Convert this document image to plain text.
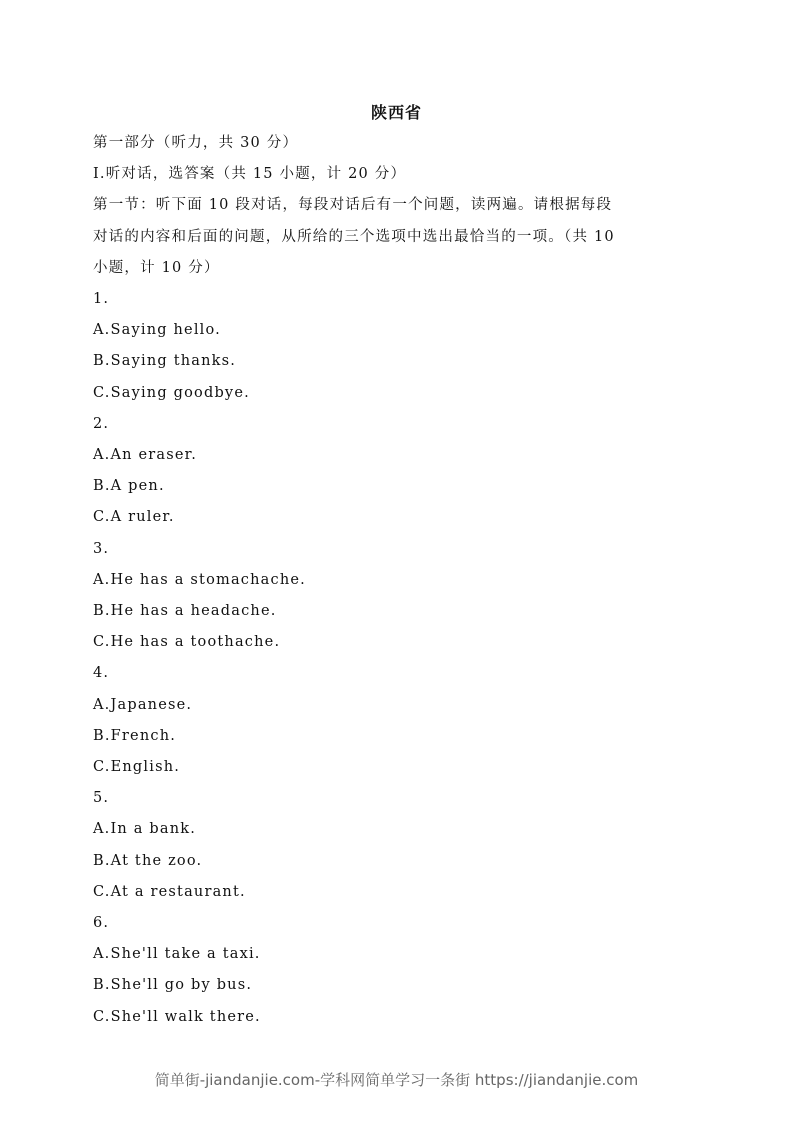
陕西省
第一部分（听力，共 30 分）
I.听对话，选答案（共 15 小题，计 20 分）
第一节：听下面 10 段对话，每段对话后有一个问题，读两遍。请根据每段
对话的内容和后面的问题，从所给的三个选项中选出最恰当的一项。（共 10
小题，计 10 分）
1.
A.Saying hello.
B.Saying thanks.
C.Saying goodbye.
2.
A.An eraser.
B.A pen.
C.A ruler.
3.
A.He has a stomachache.
B.He has a headache.
C.He has a toothache.
4.
A.Japanese.
B.French.
C.English.
5.
A.In a bank.
B.At the zoo.
C.At a restaurant.
6.
A.She'll take a taxi.
B.She'll go by bus.
C.She'll walk there.
简单街-jiandanjie.com-学科网简单学习一条街 https://jiandanjie.com
